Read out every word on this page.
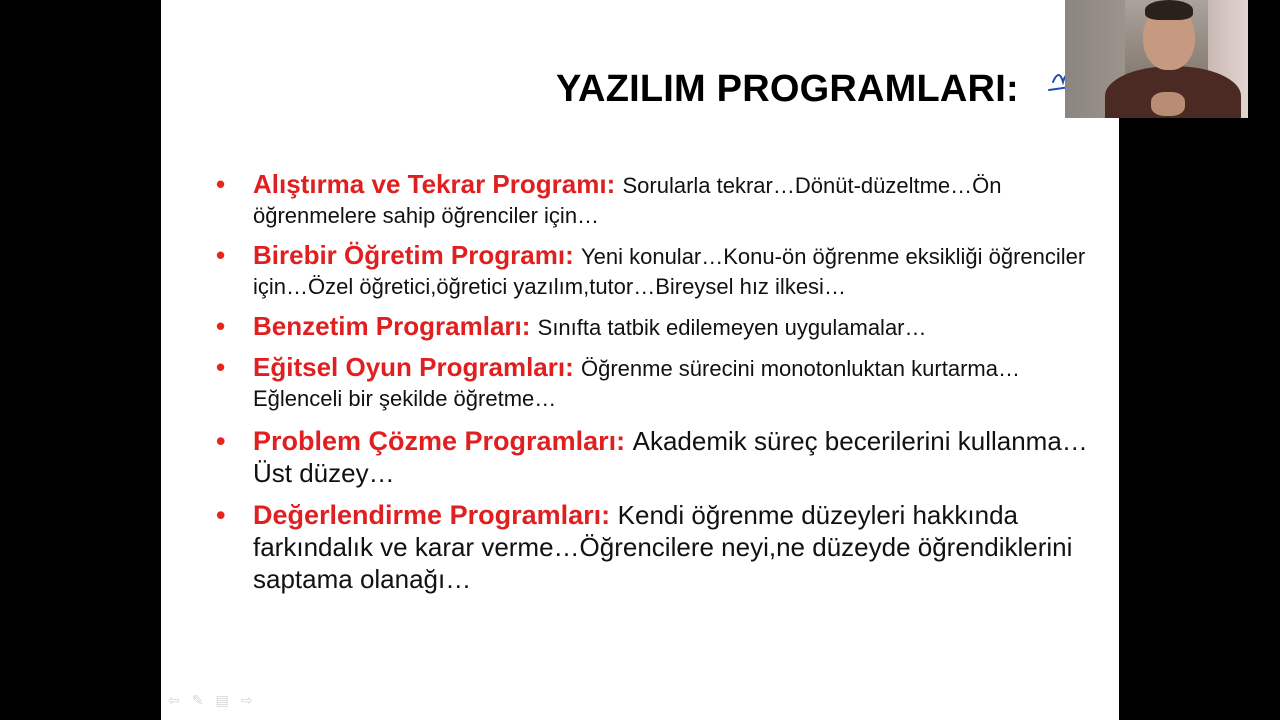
YAZILIM PROGRAMLARI:
• Alıştırma ve Tekrar Programı: Sorularla tekrar…Dönüt-düzeltme…Ön öğrenmelere sahip öğrenciler için…
• Birebir Öğretim Programı: Yeni konular…Konu-ön öğrenme eksikliği öğrenciler için…Özel öğretici,öğretici yazılım,tutor…Bireysel hız ilkesi…
• Benzetim Programları: Sınıfta tatbik edilemeyen uygulamalar…
• Eğitsel Oyun Programları: Öğrenme sürecini monotonluktan kurtarma…Eğlenceli bir şekilde öğretme…
• Problem Çözme Programları: Akademik süreç becerilerini kullanma…Üst düzey…
• Değerlendirme Programları: Kendi öğrenme düzeyleri hakkında farkındalık ve karar verme…Öğrencilere neyi,ne düzeyde öğrendiklerini saptama olanağı…
⇦ ✎ ▤ ⇨
